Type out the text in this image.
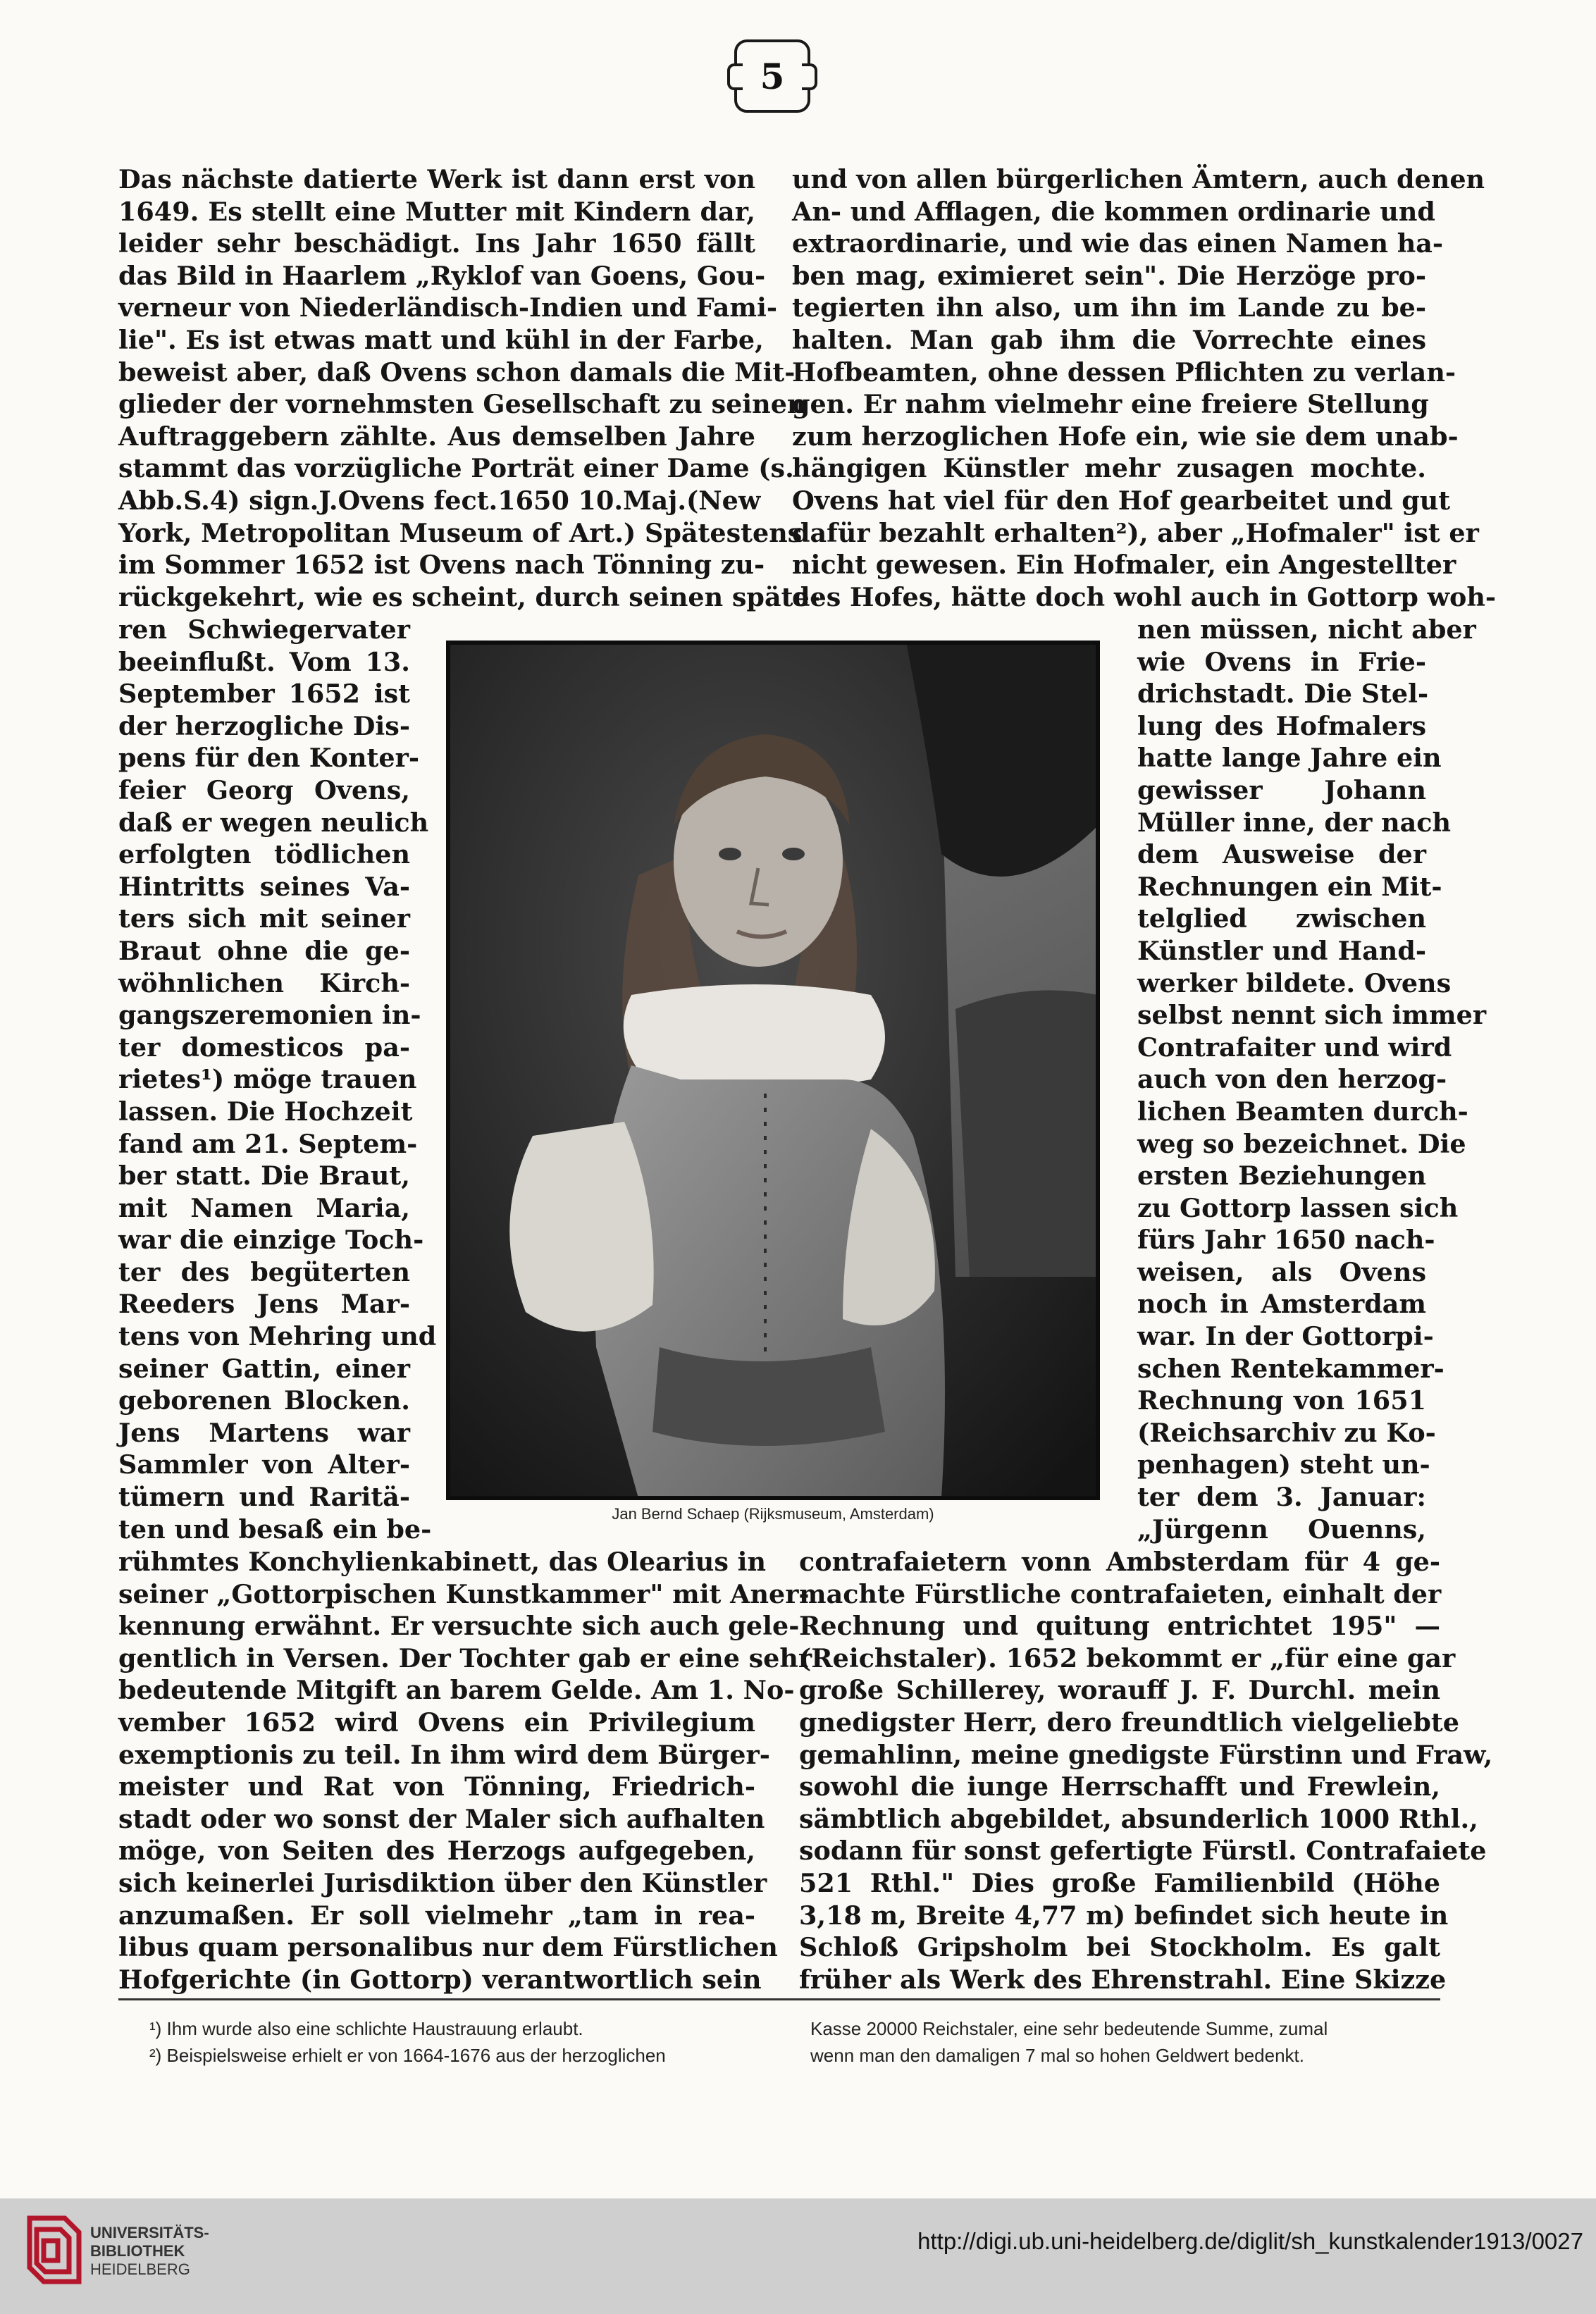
5
Das nächste datierte Werk ist dann erst von
1649. Es stellt eine Mutter mit Kindern dar,
leider sehr beschädigt. Ins Jahr 1650 fällt
das Bild in Haarlem „Ryklof van Goens, Gou-
verneur von Niederländisch-Indien und Fami-
lie". Es ist etwas matt und kühl in der Farbe,
beweist aber, daß Ovens schon damals die Mit-
glieder der vornehmsten Gesellschaft zu seinen
Auftraggebern zählte. Aus demselben Jahre
stammt das vorzügliche Porträt einer Dame (s.
Abb.S.4) sign.J.Ovens fect.1650 10.Maj.(New
York, Metropolitan Museum of Art.) Spätestens
im Sommer 1652 ist Ovens nach Tönning zu-
rückgekehrt, wie es scheint, durch seinen späte-
ren Schwiegervater
beeinflußt. Vom 13.
September 1652 ist
der herzogliche Dis-
pens für den Konter-
feier Georg Ovens,
daß er wegen neulich
erfolgten tödlichen
Hintritts seines Va-
ters sich mit seiner
Braut ohne die ge-
wöhnlichen Kirch-
gangszeremonien in-
ter domesticos pa-
rietes¹) möge trauen
lassen. Die Hochzeit
fand am 21. Septem-
ber statt. Die Braut,
mit Namen Maria,
war die einzige Toch-
ter des begüterten
Reeders Jens Mar-
tens von Mehring und
seiner Gattin, einer
geborenen Blocken.
Jens Martens war
Sammler von Alter-
tümern und Raritä-
ten und besaß ein be-
rühmtes Konchylienkabinett, das Olearius in
seiner „Gottorpischen Kunstkammer" mit Aner-
kennung erwähnt. Er versuchte sich auch gele-
gentlich in Versen. Der Tochter gab er eine sehr
bedeutende Mitgift an barem Gelde. Am 1. No-
vember 1652 wird Ovens ein Privilegium
exemptionis zu teil. In ihm wird dem Bürger-
meister und Rat von Tönning, Friedrich-
stadt oder wo sonst der Maler sich aufhalten
möge, von Seiten des Herzogs aufgegeben,
sich keinerlei Jurisdiktion über den Künstler
anzumaßen. Er soll vielmehr „tam in rea-
libus quam personalibus nur dem Fürstlichen
Hofgerichte (in Gottorp) verantwortlich sein
und von allen bürgerlichen Ämtern, auch denen
An- und Afflagen, die kommen ordinarie und
extraordinarie, und wie das einen Namen ha-
ben mag, eximieret sein". Die Herzöge pro-
tegierten ihn also, um ihn im Lande zu be-
halten. Man gab ihm die Vorrechte eines
Hofbeamten, ohne dessen Pflichten zu verlan-
gen. Er nahm vielmehr eine freiere Stellung
zum herzoglichen Hofe ein, wie sie dem unab-
hängigen Künstler mehr zusagen mochte.
Ovens hat viel für den Hof gearbeitet und gut
dafür bezahlt erhalten²), aber „Hofmaler" ist er
nicht gewesen. Ein Hofmaler, ein Angestellter
des Hofes, hätte doch wohl auch in Gottorp woh-
nen müssen, nicht aber
wie Ovens in Frie-
drichstadt. Die Stel-
lung des Hofmalers
hatte lange Jahre ein
gewisser Johann
Müller inne, der nach
dem Ausweise der
Rechnungen ein Mit-
telglied zwischen
Künstler und Hand-
werker bildete. Ovens
selbst nennt sich immer
Contrafaiter und wird
auch von den herzog-
lichen Beamten durch-
weg so bezeichnet. Die
ersten Beziehungen
zu Gottorp lassen sich
fürs Jahr 1650 nach-
weisen, als Ovens
noch in Amsterdam
war. In der Gottorpi-
schen Rentekammer-
Rechnung von 1651
(Reichsarchiv zu Ko-
penhagen) steht un-
ter dem 3. Januar:
„Jürgenn Ouenns,
contrafaietern vonn Ambsterdam für 4 ge-
machte Fürstliche contrafaieten, einhalt der
Rechnung und quitung entrichtet 195" —
(Reichstaler). 1652 bekommt er „für eine gar
große Schillerey, worauff J. F. Durchl. mein
gnedigster Herr, dero freundtlich vielgeliebte
gemahlinn, meine gnedigste Fürstinn und Fraw,
sowohl die iunge Herrschafft und Frewlein,
sämbtlich abgebildet, absunderlich 1000 Rthl.,
sodann für sonst gefertigte Fürstl. Contrafaiete
521 Rthl." Dies große Familienbild (Höhe
3,18 m, Breite 4,77 m) befindet sich heute in
Schloß Gripsholm bei Stockholm. Es galt
früher als Werk des Ehrenstrahl. Eine Skizze
Jan Bernd Schaep (Rijksmuseum, Amsterdam)
¹) Ihm wurde also eine schlichte Haustrauung erlaubt.
²) Beispielsweise erhielt er von 1664-1676 aus der herzoglichen
Kasse 20000 Reichstaler, eine sehr bedeutende Summe, zumal
wenn man den damaligen 7 mal so hohen Geldwert bedenkt.
UNIVERSITÄTS-
BIBLIOTHEK
HEIDELBERG
http://digi.ub.uni-heidelberg.de/diglit/sh_kunstkalender1913/0027
